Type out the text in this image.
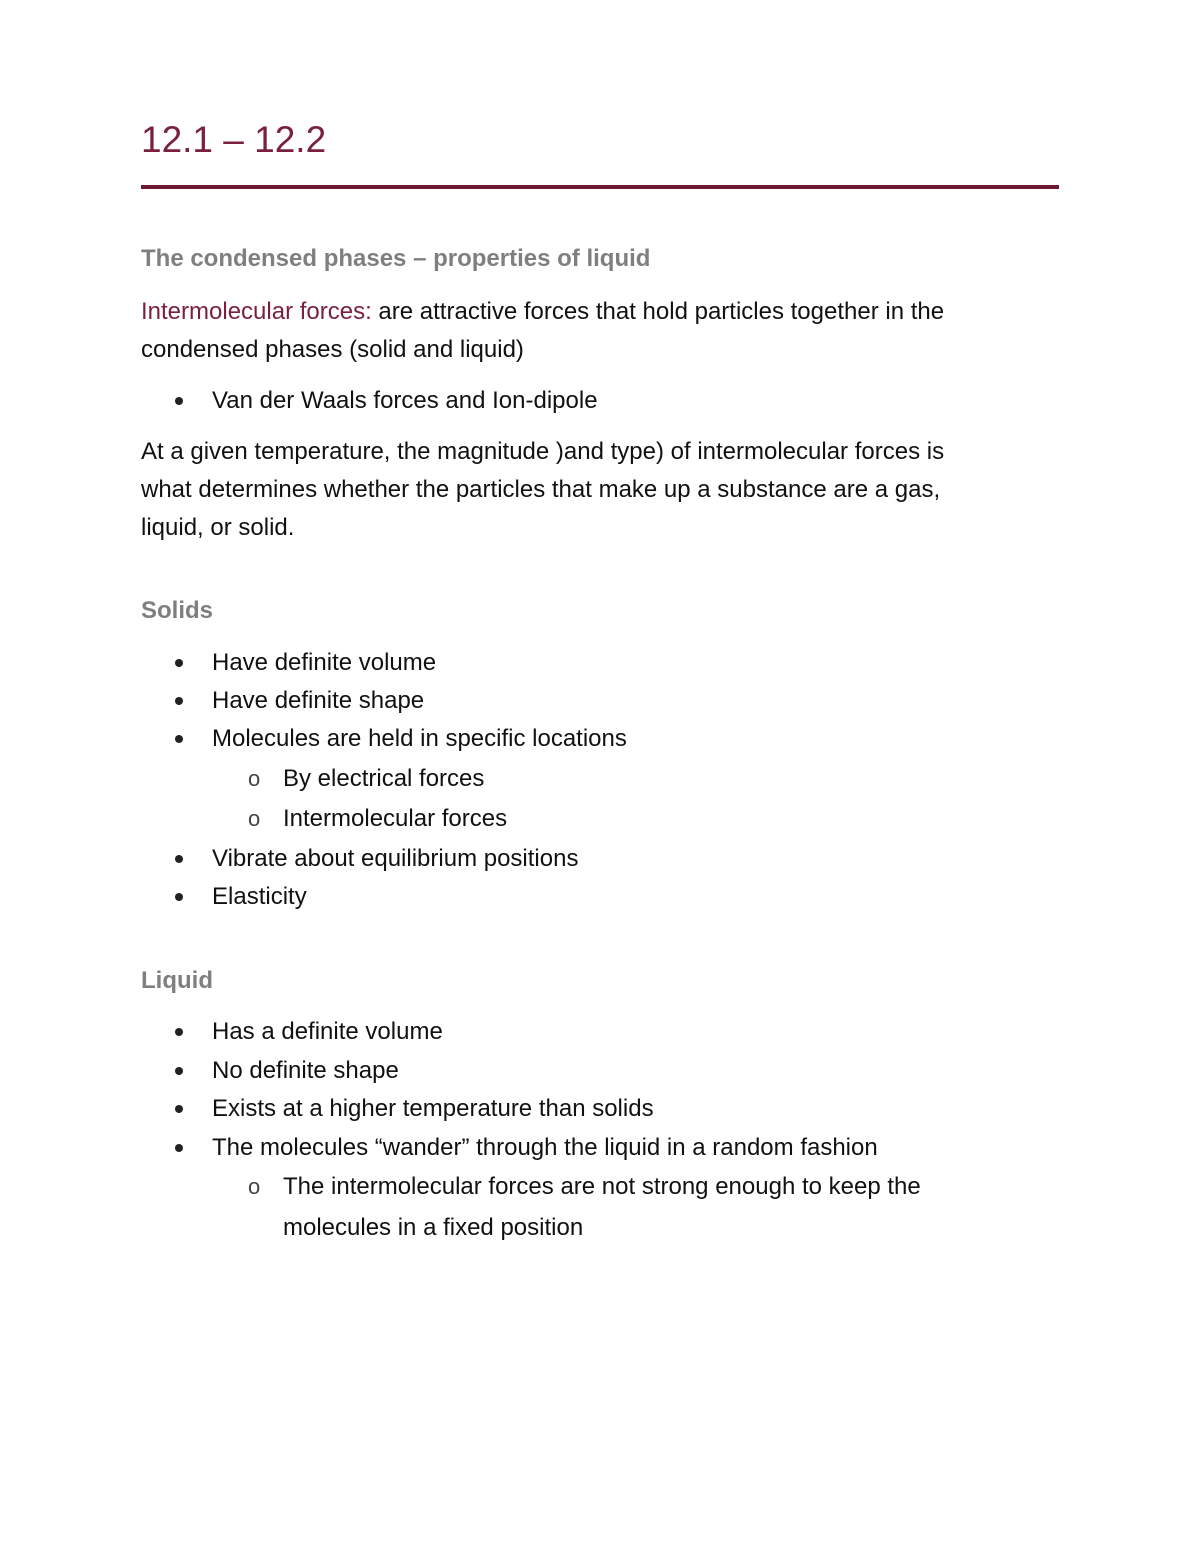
12.1 – 12.2
The condensed phases – properties of liquid
Intermolecular forces: are attractive forces that hold particles together in the
condensed phases (solid and liquid)
Van der Waals forces and Ion-dipole
At a given temperature, the magnitude )and type) of intermolecular forces is
what determines whether the particles that make up a substance are a gas,
liquid, or solid.
Solids
Have definite volume
Have definite shape
Molecules are held in specific locations
o By electrical forces
o Intermolecular forces
Vibrate about equilibrium positions
Elasticity
Liquid
Has a definite volume
No definite shape
Exists at a higher temperature than solids
The molecules “wander” through the liquid in a random fashion
o The intermolecular forces are not strong enough to keep the
molecules in a fixed position
